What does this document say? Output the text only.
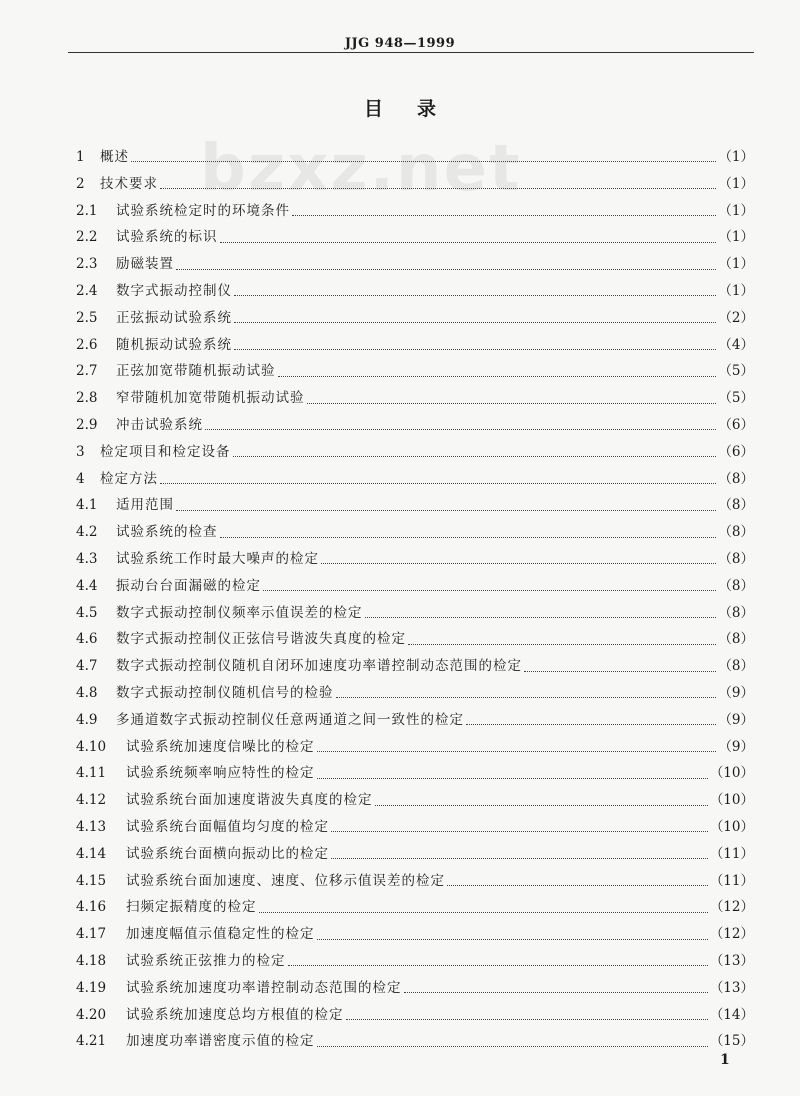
JJG 948—1999
bzxz.net
目录
1	概述	（1）
2	技术要求	（1）
2.1	试验系统检定时的环境条件	（1）
2.2	试验系统的标识	（1）
2.3	励磁装置	（1）
2.4	数字式振动控制仪	（1）
2.5	正弦振动试验系统	（2）
2.6	随机振动试验系统	（4）
2.7	正弦加宽带随机振动试验	（5）
2.8	窄带随机加宽带随机振动试验	（5）
2.9	冲击试验系统	（6）
3	检定项目和检定设备	（6）
4	检定方法	（8）
4.1	适用范围	（8）
4.2	试验系统的检查	（8）
4.3	试验系统工作时最大噪声的检定	（8）
4.4	振动台台面漏磁的检定	（8）
4.5	数字式振动控制仪频率示值误差的检定	（8）
4.6	数字式振动控制仪正弦信号谐波失真度的检定	（8）
4.7	数字式振动控制仪随机自闭环加速度功率谱控制动态范围的检定	（8）
4.8	数字式振动控制仪随机信号的检验	（9）
4.9	多通道数字式振动控制仪任意两通道之间一致性的检定	（9）
4.10	试验系统加速度信噪比的检定	（9）
4.11	试验系统频率响应特性的检定	（10）
4.12	试验系统台面加速度谐波失真度的检定	（10）
4.13	试验系统台面幅值均匀度的检定	（10）
4.14	试验系统台面横向振动比的检定	（11）
4.15	试验系统台面加速度、速度、位移示值误差的检定	（11）
4.16	扫频定振精度的检定	（12）
4.17	加速度幅值示值稳定性的检定	（12）
4.18	试验系统正弦推力的检定	（13）
4.19	试验系统加速度功率谱控制动态范围的检定	（13）
4.20	试验系统加速度总均方根值的检定	（14）
4.21	加速度功率谱密度示值的检定	（15）
1
